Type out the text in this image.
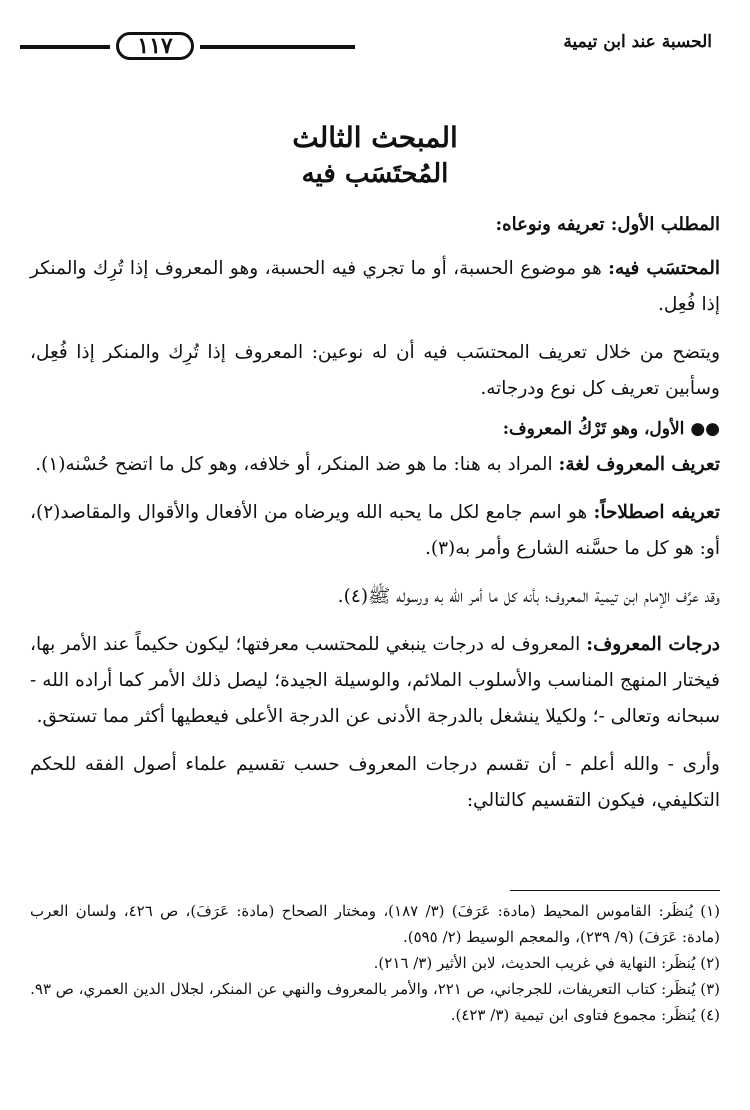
١١٧	الحسبة عند ابن تيمية
المبحث الثالث
المُحتَسَب فيه
المطلب الأول: تعريفه ونوعاه:

المحتسَب فيه: هو موضوع الحسبة، أو ما تجري فيه الحسبة، وهو المعروف إذا تُرِك والمنكر إذا فُعِل.

ويتضح من خلال تعريف المحتسَب فيه أن له نوعين: المعروف إذا تُرِك والمنكر إذا فُعِل، وسأبين تعريف كل نوع ودرجاته.

●● الأول، وهو تَرْكُ المعروف:

تعريف المعروف لغة: المراد به هنا: ما هو ضد المنكر، أو خلافه، وهو كل ما اتضح حُسْنه(١).

تعريفه اصطلاحاً: هو اسم جامع لكل ما يحبه الله ويرضاه من الأفعال والأقوال والمقاصد(٢)، أو: هو كل ما حسَّنه الشارع وأمر به(٣).

وقد عرَّف الإمام ابن تيمية المعروف؛ بأنه كل ما أمر الله به ورسوله ﷺ(٤).

درجات المعروف: المعروف له درجات ينبغي للمحتسب معرفتها؛ ليكون حكيماً عند الأمر بها، فيختار المنهج المناسب والأسلوب الملائم، والوسيلة الجيدة؛ ليصل ذلك الأمر كما أراده الله - سبحانه وتعالى -؛ ولكيلا ينشغل بالدرجة الأدنى عن الدرجة الأعلى فيعطيها أكثر مما تستحق.

وأرى - والله أعلم - أن تقسم درجات المعروف حسب تقسيم علماء أصول الفقه للحكم التكليفي، فيكون التقسيم كالتالي:

(١) يُنظَر: القاموس المحيط (مادة: عَرَفَ) (٣/ ١٨٧)، ومختار الصحاح (مادة: عَرَفَ)، ص ٤٢٦، ولسان العرب (مادة: عَرَفَ) (٩/ ٢٣٩)، والمعجم الوسيط (٢/ ٥٩٥).

(٢) يُنظَر: النهاية في غريب الحديث، لابن الأثير (٣/ ٢١٦).

(٣) يُنظَر: كتاب التعريفات، للجرجاني، ص ٢٢١، والأمر بالمعروف والنهي عن المنكر، لجلال الدين العمري، ص ٩٣.

(٤) يُنظَر: مجموع فتاوى ابن تيمية (٣/ ٤٢٣).
